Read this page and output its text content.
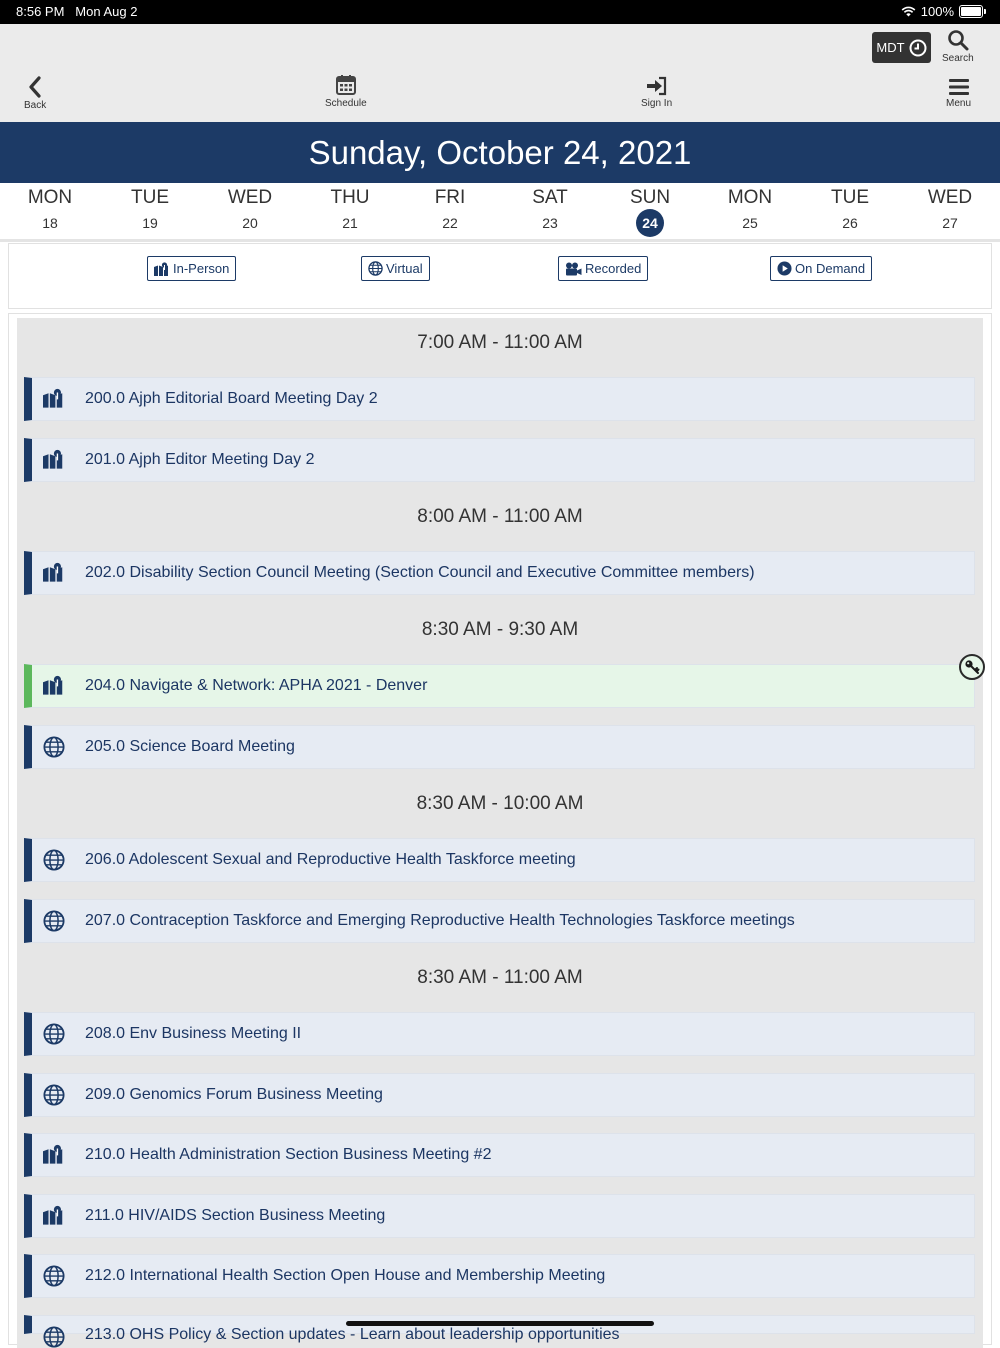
8:56 PM Mon Aug 2	100%
Back	Schedule	Sign In	Menu
MDT
Search
Sunday, October 24, 2021
MON
18
TUE
19
WED
20
THU
21
FRI
22
SAT
23
SUN
24
MON
25
TUE
26
WED
27
In-Person	Virtual	Recorded	On Demand
7:00 AM - 11:00 AM
200.0 Ajph Editorial Board Meeting Day 2
201.0 Ajph Editor Meeting Day 2
8:00 AM - 11:00 AM
202.0 Disability Section Council Meeting (Section Council and Executive Committee members)
8:30 AM - 9:30 AM
204.0 Navigate & Network: APHA 2021 - Denver
205.0 Science Board Meeting
8:30 AM - 10:00 AM
206.0 Adolescent Sexual and Reproductive Health Taskforce meeting
207.0 Contraception Taskforce and Emerging Reproductive Health Technologies Taskforce meetings
8:30 AM - 11:00 AM
208.0 Env Business Meeting II
209.0 Genomics Forum Business Meeting
210.0 Health Administration Section Business Meeting #2
211.0 HIV/AIDS Section Business Meeting
212.0 International Health Section Open House and Membership Meeting
213.0 OHS Policy & Section updates - Learn about leadership opportunities
